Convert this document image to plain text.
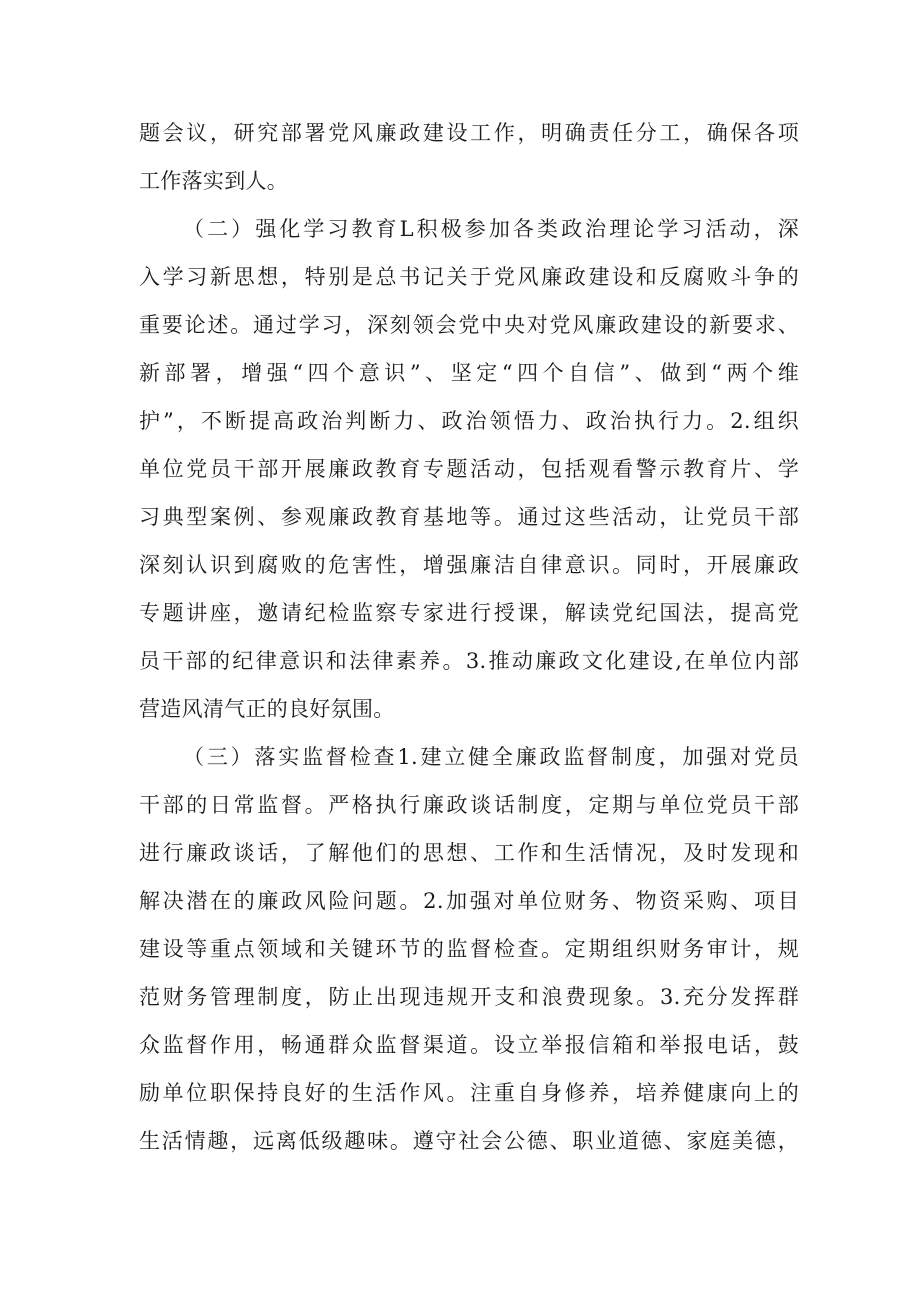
题会议，研究部署党风廉政建设工作，明确责任分工，确保各项
工作落实到人。
（二）强化学习教育L积极参加各类政治理论学习活动，深
入学习新思想，特别是总书记关于党风廉政建设和反腐败斗争的
重要论述。通过学习，深刻领会党中央对党风廉政建设的新要求、
新部署，增强“四个意识”、坚定“四个自信”、做到“两个维
护”，不断提高政治判断力、政治领悟力、政治执行力。2.组织
单位党员干部开展廉政教育专题活动，包括观看警示教育片、学
习典型案例、参观廉政教育基地等。通过这些活动，让党员干部
深刻认识到腐败的危害性，增强廉洁自律意识。同时，开展廉政
专题讲座，邀请纪检监察专家进行授课，解读党纪国法，提高党
员干部的纪律意识和法律素养。3.推动廉政文化建设,在单位内部
营造风清气正的良好氛围。
（三）落实监督检查1.建立健全廉政监督制度，加强对党员
干部的日常监督。严格执行廉政谈话制度，定期与单位党员干部
进行廉政谈话，了解他们的思想、工作和生活情况，及时发现和
解决潜在的廉政风险问题。2.加强对单位财务、物资采购、项目
建设等重点领域和关键环节的监督检查。定期组织财务审计，规
范财务管理制度，防止出现违规开支和浪费现象。3.充分发挥群
众监督作用，畅通群众监督渠道。设立举报信箱和举报电话，鼓
励单位职保持良好的生活作风。注重自身修养，培养健康向上的
生活情趣，远离低级趣味。遵守社会公德、职业道德、家庭美德，
